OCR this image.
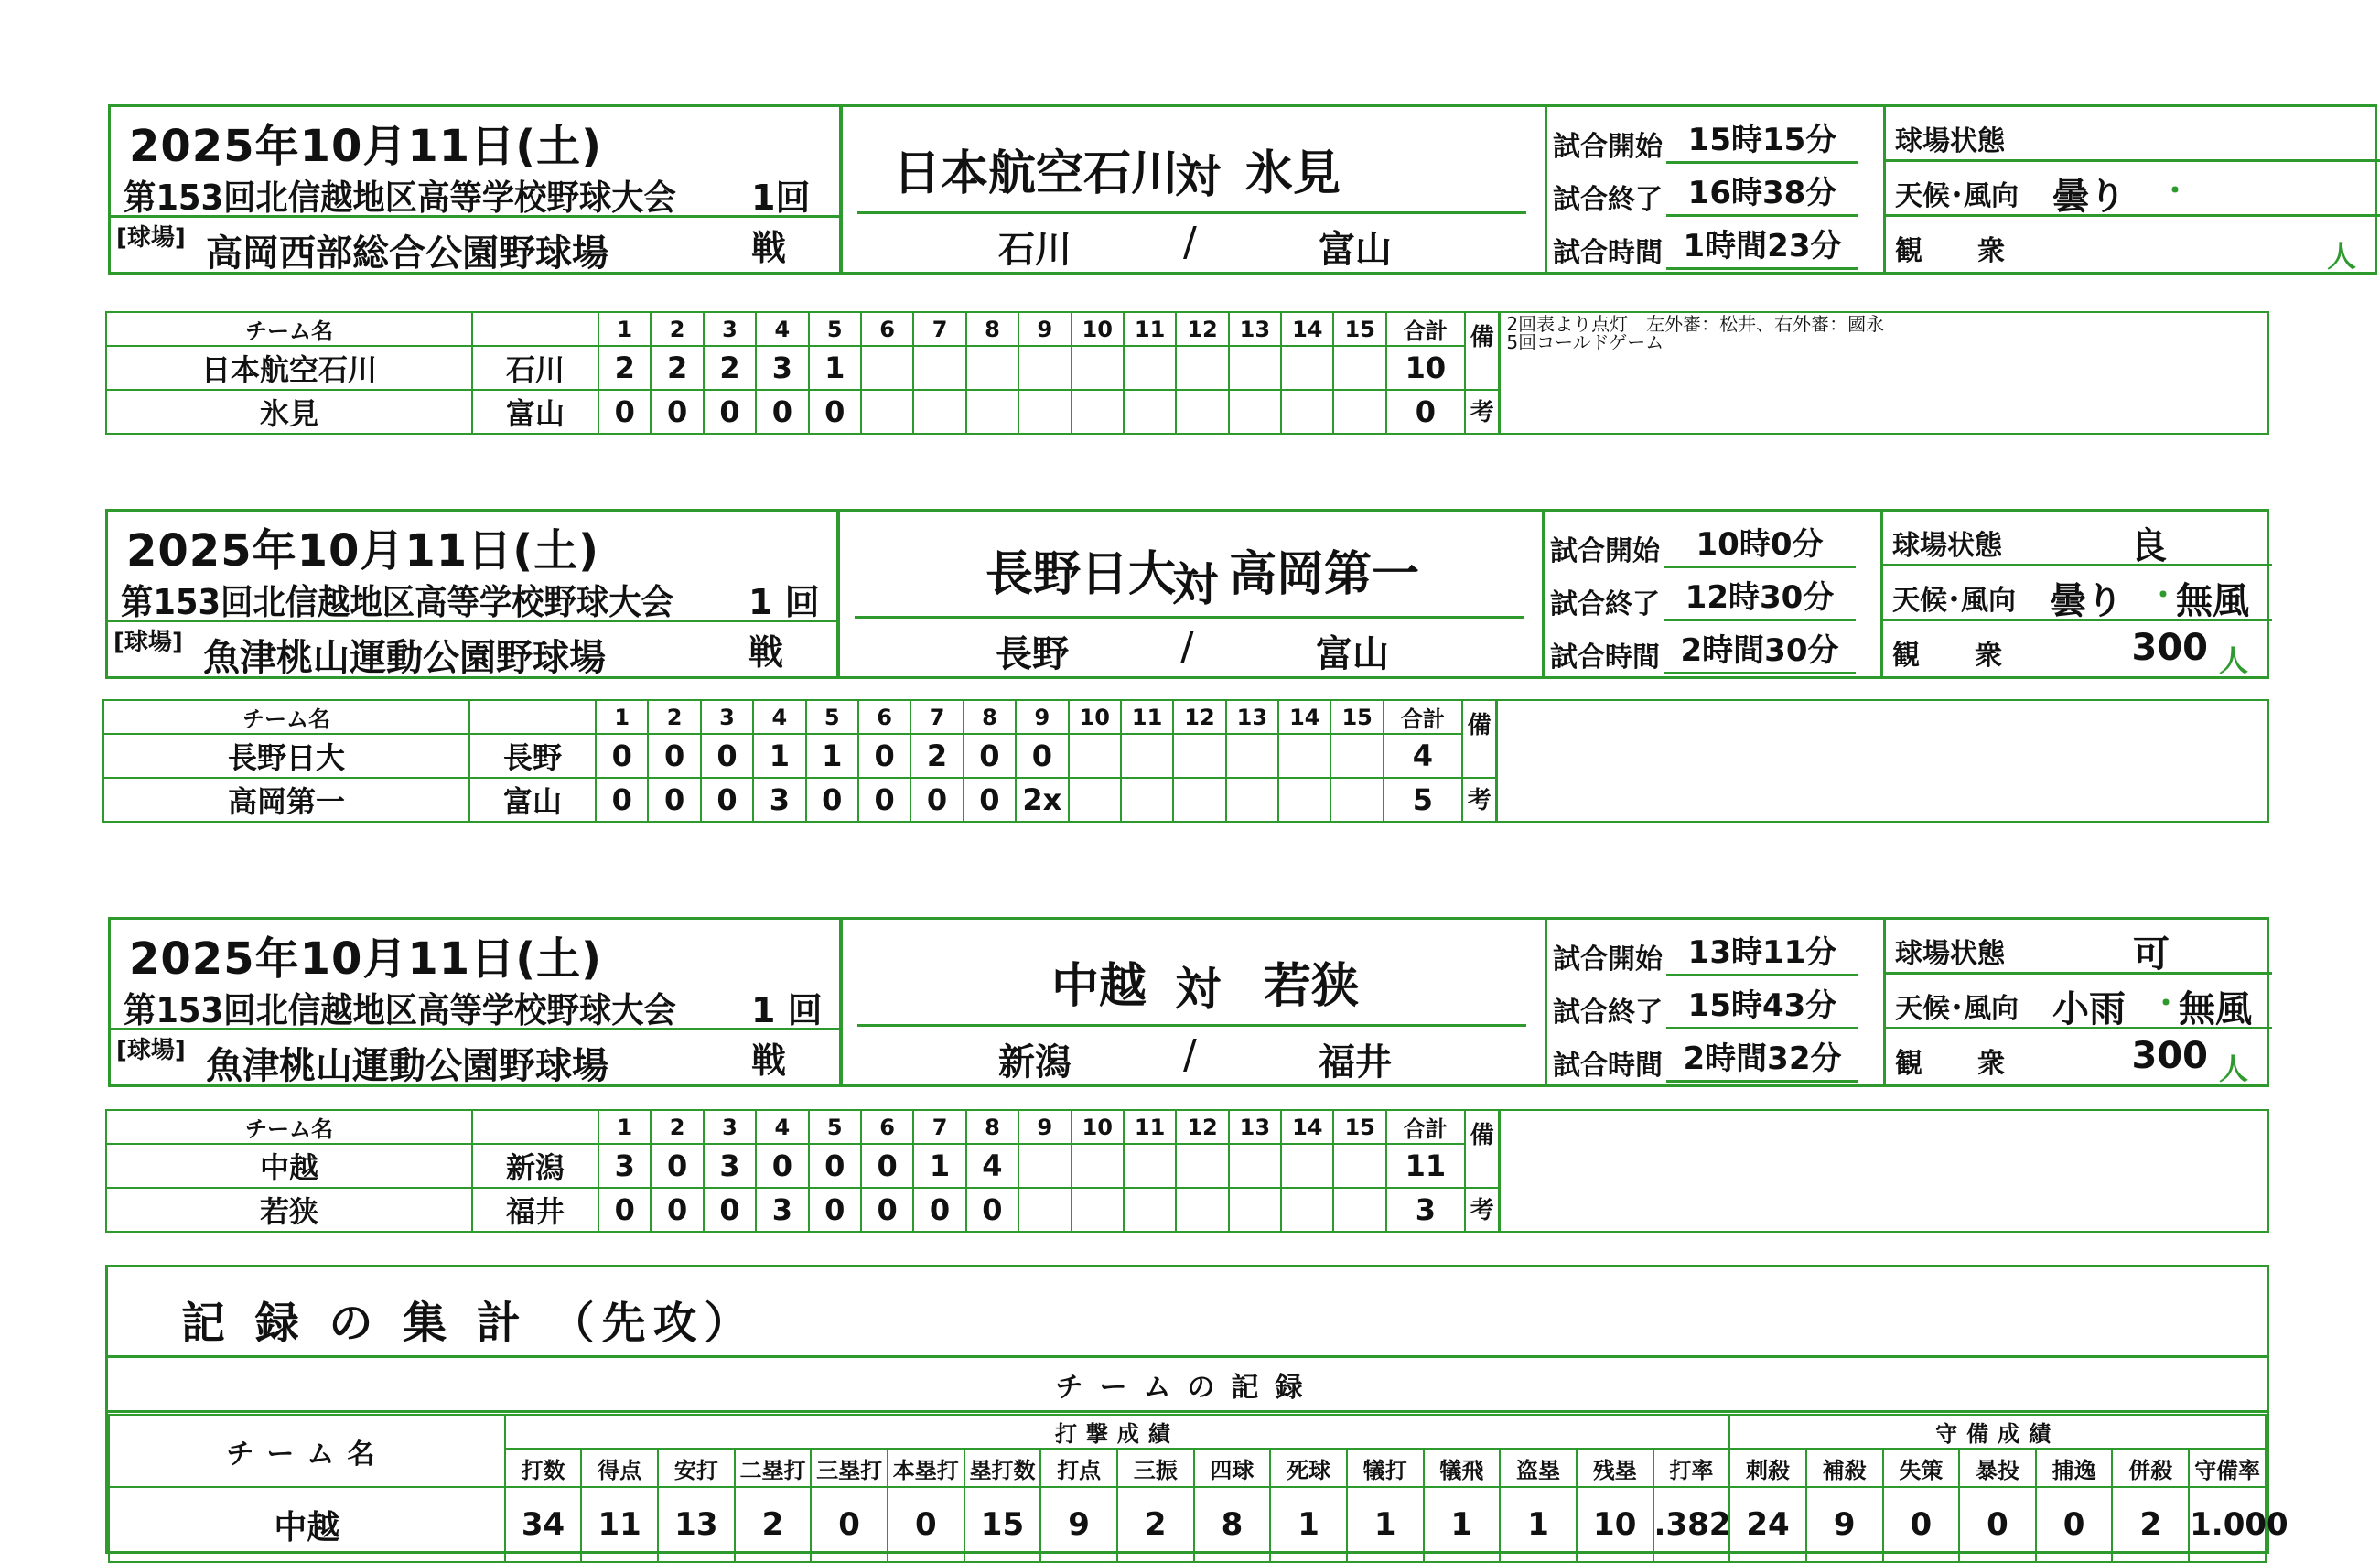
2025年10月11日(土)
第153回北信越地区高等学校野球大会 1回戦
[球場] 高岡西部総合公園野球場
日本航空石川
対 氷見
石川	/	富山
試合開始 15時15分
試合終了 16時38分
試合時間 1時間23分
球場状態
天候･風向 曇り ・
観　　衆	人
チーム名		1	2	3	4	5	6	7	8	9	10	11	12	13	14	15	合計	備	2回表より点灯　左外審：松井、右外審：國永
5回コールドゲーム

日本航空石川	石川	2	2	2	3	1											10		
氷見	富山	0	0	0	0	0											0	考	
2025年10月11日(土)
第153回北信越地区高等学校野球大会 1 回戦
[球場] 魚津桃山運動公園野球場
長野日大
対 高岡第一
長野	/	富山
試合開始	10時0分
試合終了 12時30分
試合時間 2時間30分
球場状態	良
天候･風向 曇り ・
無風
観　　衆	300 人
チーム名		1	2	3	4	5	6	7	8	9	10	11	12	13	14	15	合計	備	
長野日大	長野	0	0	0	1	1	0	2	0	0							4		
高岡第一	富山	0	0	0	3	0	0	0	0	2x							5	考	
2025年10月11日(土)
第153回北信越地区高等学校野球大会 1 回戦
[球場] 魚津桃山運動公園野球場
中越 対 若狭
新潟	/	福井
試合開始 13時11分
試合終了 15時43分
試合時間 2時間32分
球場状態	可
天候･風向 小雨 ・
無風
観　　衆	300 人
チーム名		1	2	3	4	5	6	7	8	9	10	11	12	13	14	15	合計	備	
中越	新潟	3	0	3	0	0	0	1	4								11		
若狭	福井	0	0	0	3	0	0	0	0								3	考	
記 録 の 集 計 （先攻）
チームの記録
チーム名	打撃成績																守備成績						
	打数	得点	安打	二塁打	三塁打	本塁打	塁打数	打点	三振	四球	死球	犠打	犠飛	盗塁	残塁	打率	刺殺	補殺	失策	暴投	捕逸	併殺	守備率
中越	34	11	13	2	0	0	15	9	2	8	1	1	1	1	10	.382	24	9	0	0	0	2	1.000
